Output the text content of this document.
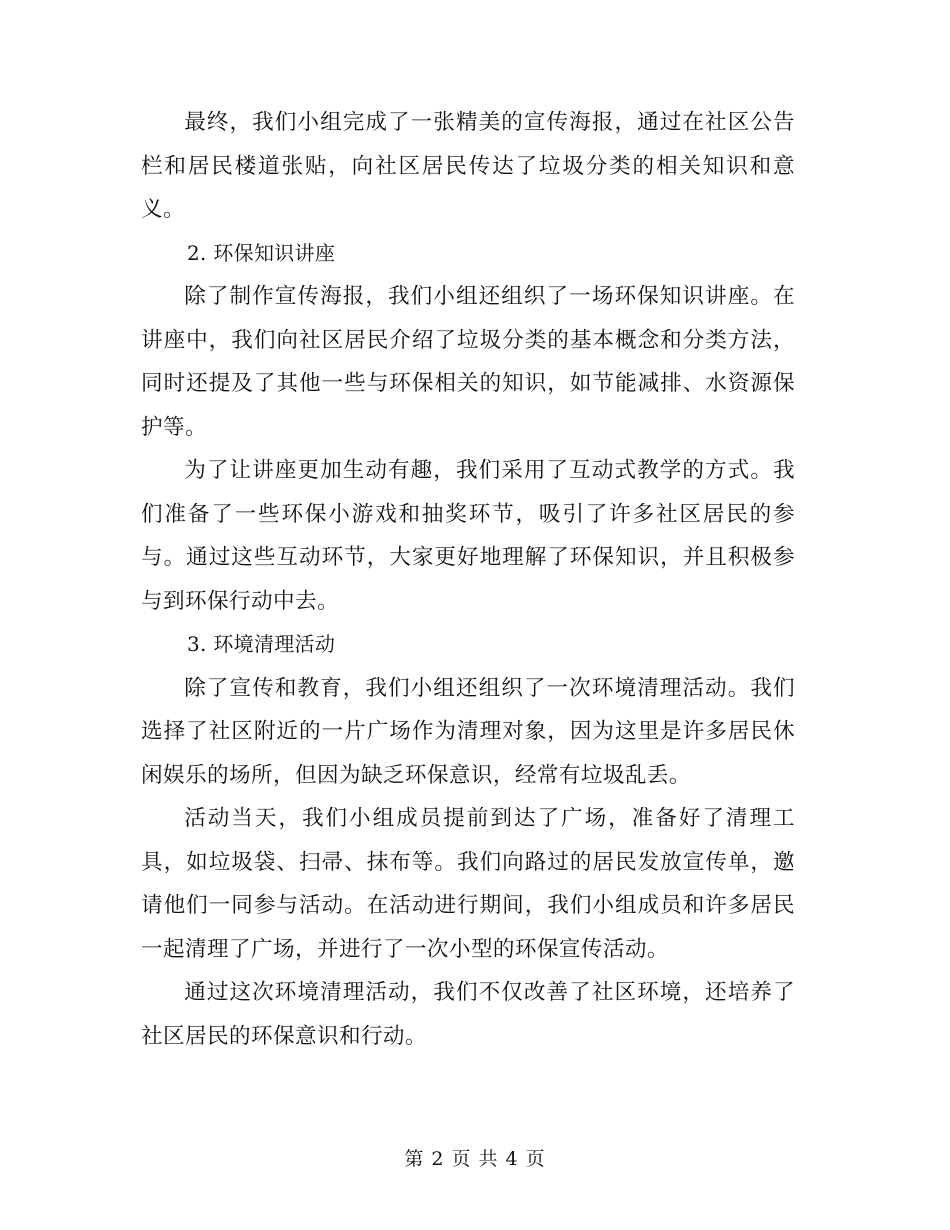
最终，我们小组完成了一张精美的宣传海报，通过在社区公告栏和居民楼道张贴，向社区居民传达了垃圾分类的相关知识和意义。

2. 环保知识讲座

除了制作宣传海报，我们小组还组织了一场环保知识讲座。在讲座中，我们向社区居民介绍了垃圾分类的基本概念和分类方法，同时还提及了其他一些与环保相关的知识，如节能减排、水资源保护等。

为了让讲座更加生动有趣，我们采用了互动式教学的方式。我们准备了一些环保小游戏和抽奖环节，吸引了许多社区居民的参与。通过这些互动环节，大家更好地理解了环保知识，并且积极参与到环保行动中去。

3. 环境清理活动

除了宣传和教育，我们小组还组织了一次环境清理活动。我们选择了社区附近的一片广场作为清理对象，因为这里是许多居民休闲娱乐的场所，但因为缺乏环保意识，经常有垃圾乱丢。

活动当天，我们小组成员提前到达了广场，准备好了清理工具，如垃圾袋、扫帚、抹布等。我们向路过的居民发放宣传单，邀请他们一同参与活动。在活动进行期间，我们小组成员和许多居民一起清理了广场，并进行了一次小型的环保宣传活动。

通过这次环境清理活动，我们不仅改善了社区环境，还培养了社区居民的环保意识和行动。

第 2 页 共 4 页
